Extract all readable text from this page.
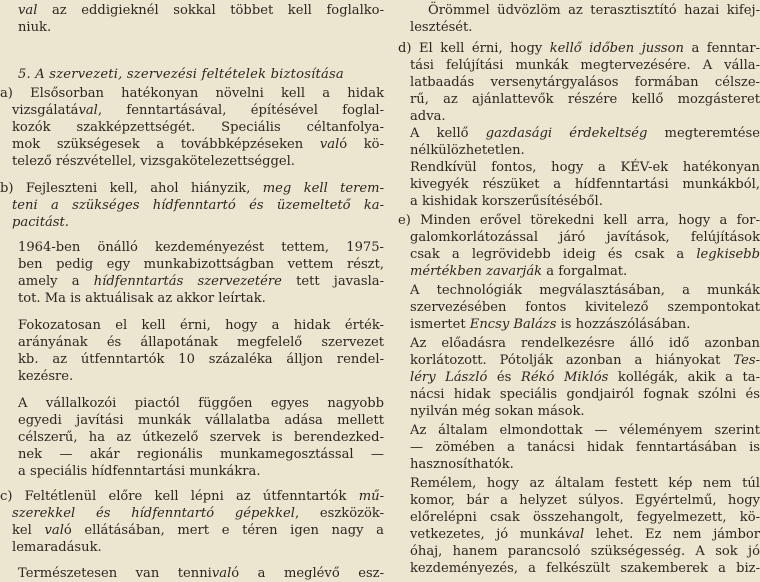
val az eddigieknél sokkal többet kell foglalko-
niuk.
5. A szervezeti, szervezési feltételek biztosítása
a) Elsősorban hatékonyan növelni kell a hidak
vizsgálatával, fenntartásával, építésével foglal-
kozók szakképzettségét. Speciális céltanfolya-
mok szükségesek a továbbképzéseken való kö-
telező részvétellel, vizsgakötelezettséggel.
b) Fejleszteni kell, ahol hiányzik, meg kell terem-
teni a szükséges hídfenntartó és üzemeltető ka-
pacitást.
1964-ben önálló kezdeményezést tettem, 1975-
ben pedig egy munkabizottságban vettem részt,
amely a hídfenntartás szervezetére tett javasla-
tot. Ma is aktuálisak az akkor leírtak.
Fokozatosan el kell érni, hogy a hidak érték-
arányának és állapotának megfelelő szervezet
kb. az útfenntartók 10 százaléka álljon rendel-
kezésre.
A vállalkozói piactól függően egyes nagyobb
egyedi javítási munkák vállalatba adása mellett
célszerű, ha az útkezelő szervek is berendezked-
nek — akár regionális munkamegosztással —
a speciális hídfenntartási munkákra.
c) Feltétlenül előre kell lépni az útfenntartók mű-
szerekkel és hídfenntartó gépekkel, eszközök-
kel való ellátásában, mert e téren igen nagy a
lemaradásuk.
Természetesen van tennivaló a meglévő esz-
Örömmel üdvözlöm az terasztisztító hazai kifej-
lesztését.
d) El kell érni, hogy kellő időben jusson a fenntar-
tási felújítási munkák megtervezésére. A válla-
latbaadás versenytárgyalásos formában célsze-
rű, az ajánlattevők részére kellő mozgásteret
adva.
A kellő gazdasági érdekeltség megteremtése
nélkülözhetetlen.
Rendkívül fontos, hogy a KÉV-ek hatékonyan
kivegyék részüket a hídfenntartási munkákból,
a kishidak korszerűsítéséből.
e) Minden erővel törekedni kell arra, hogy a for-
galomkorlátozással járó javítások, felújítások
csak a legrövidebb ideig és csak a legkisebb
mértékben zavarják a forgalmat.
A technológiák megválasztásában, a munkák
szervezésében fontos kivitelező szempontokat
ismertet Encsy Balázs is hozzászólásában.
Az előadásra rendelkezésre álló idő azonban
korlátozott. Pótolják azonban a hiányokat Tes-
léry László és Rékó Miklós kollégák, akik a ta-
nácsi hidak speciális gondjairól fognak szólni és
nyilván még sokan mások.
Az általam elmondottak — véleményem szerint
— zömében a tanácsi hidak fenntartásában is
hasznosíthatók.
Remélem, hogy az általam festett kép nem túl
komor, bár a helyzet súlyos. Egyértelmű, hogy
előrelépni csak összehangolt, fegyelmezett, kö-
vetkezetes, jó munkával lehet. Ez nem jámbor
óhaj, hanem parancsoló szükségesség. A sok jó
kezdeményezés, a felkészült szakemberek a biz-
